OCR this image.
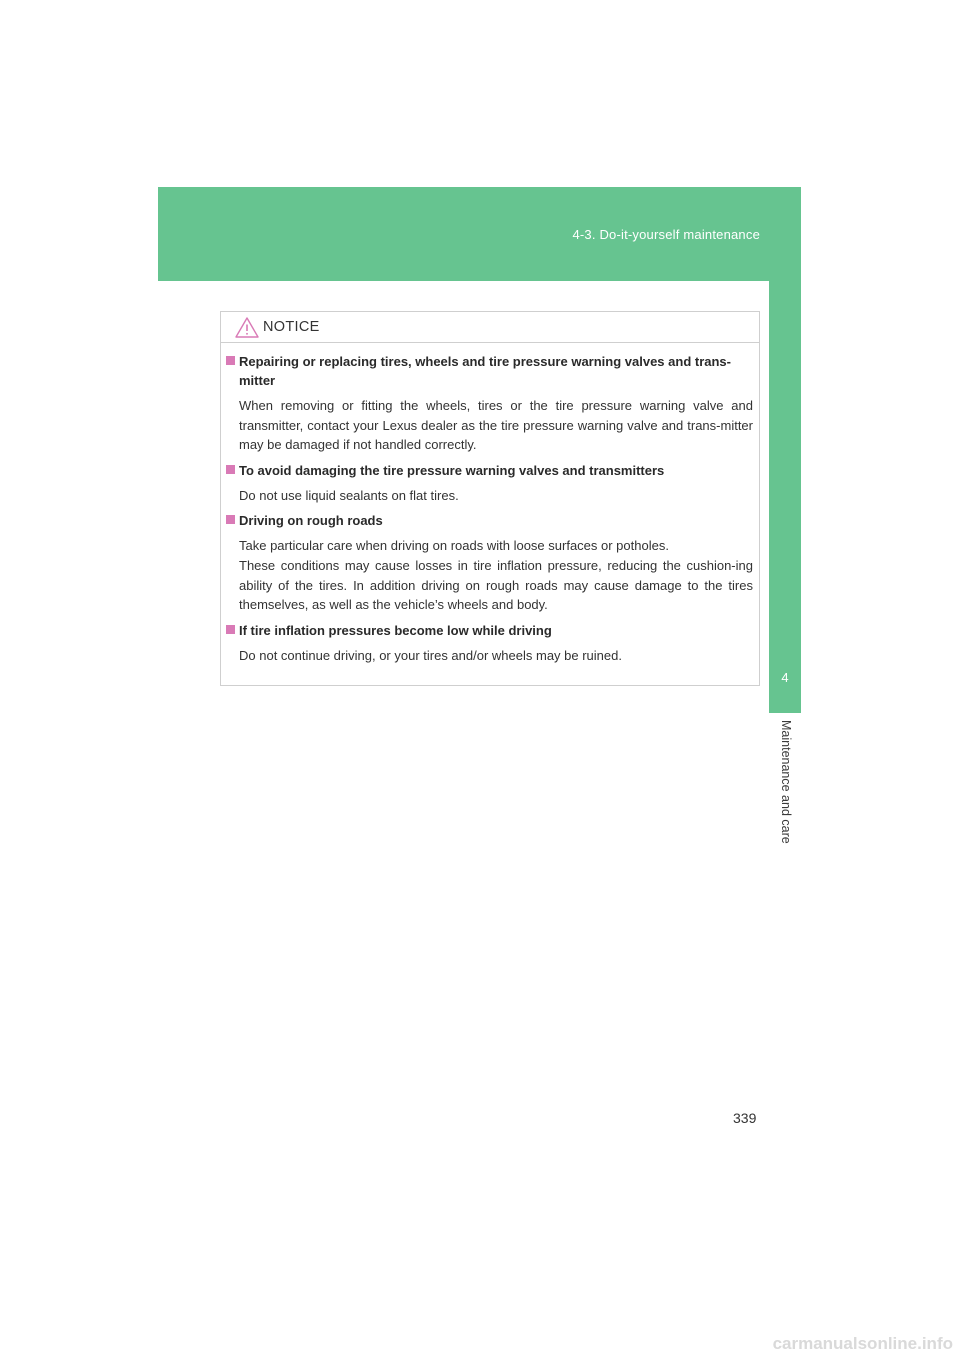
4-3. Do-it-yourself maintenance
4
Maintenance and care
NOTICE
Repairing or replacing tires, wheels and tire pressure warning valves and trans-mitter

When removing or fitting the wheels, tires or the tire pressure warning valve and transmitter, contact your Lexus dealer as the tire pressure warning valve and trans-mitter may be damaged if not handled correctly.

To avoid damaging the tire pressure warning valves and transmitters

Do not use liquid sealants on flat tires.

Driving on rough roads

Take particular care when driving on roads with loose surfaces or potholes.

These conditions may cause losses in tire inflation pressure, reducing the cushion-ing ability of the tires. In addition driving on rough roads may cause damage to the tires themselves, as well as the vehicle’s wheels and body.

If tire inflation pressures become low while driving

Do not continue driving, or your tires and/or wheels may be ruined.

339
carmanualsonline.info
